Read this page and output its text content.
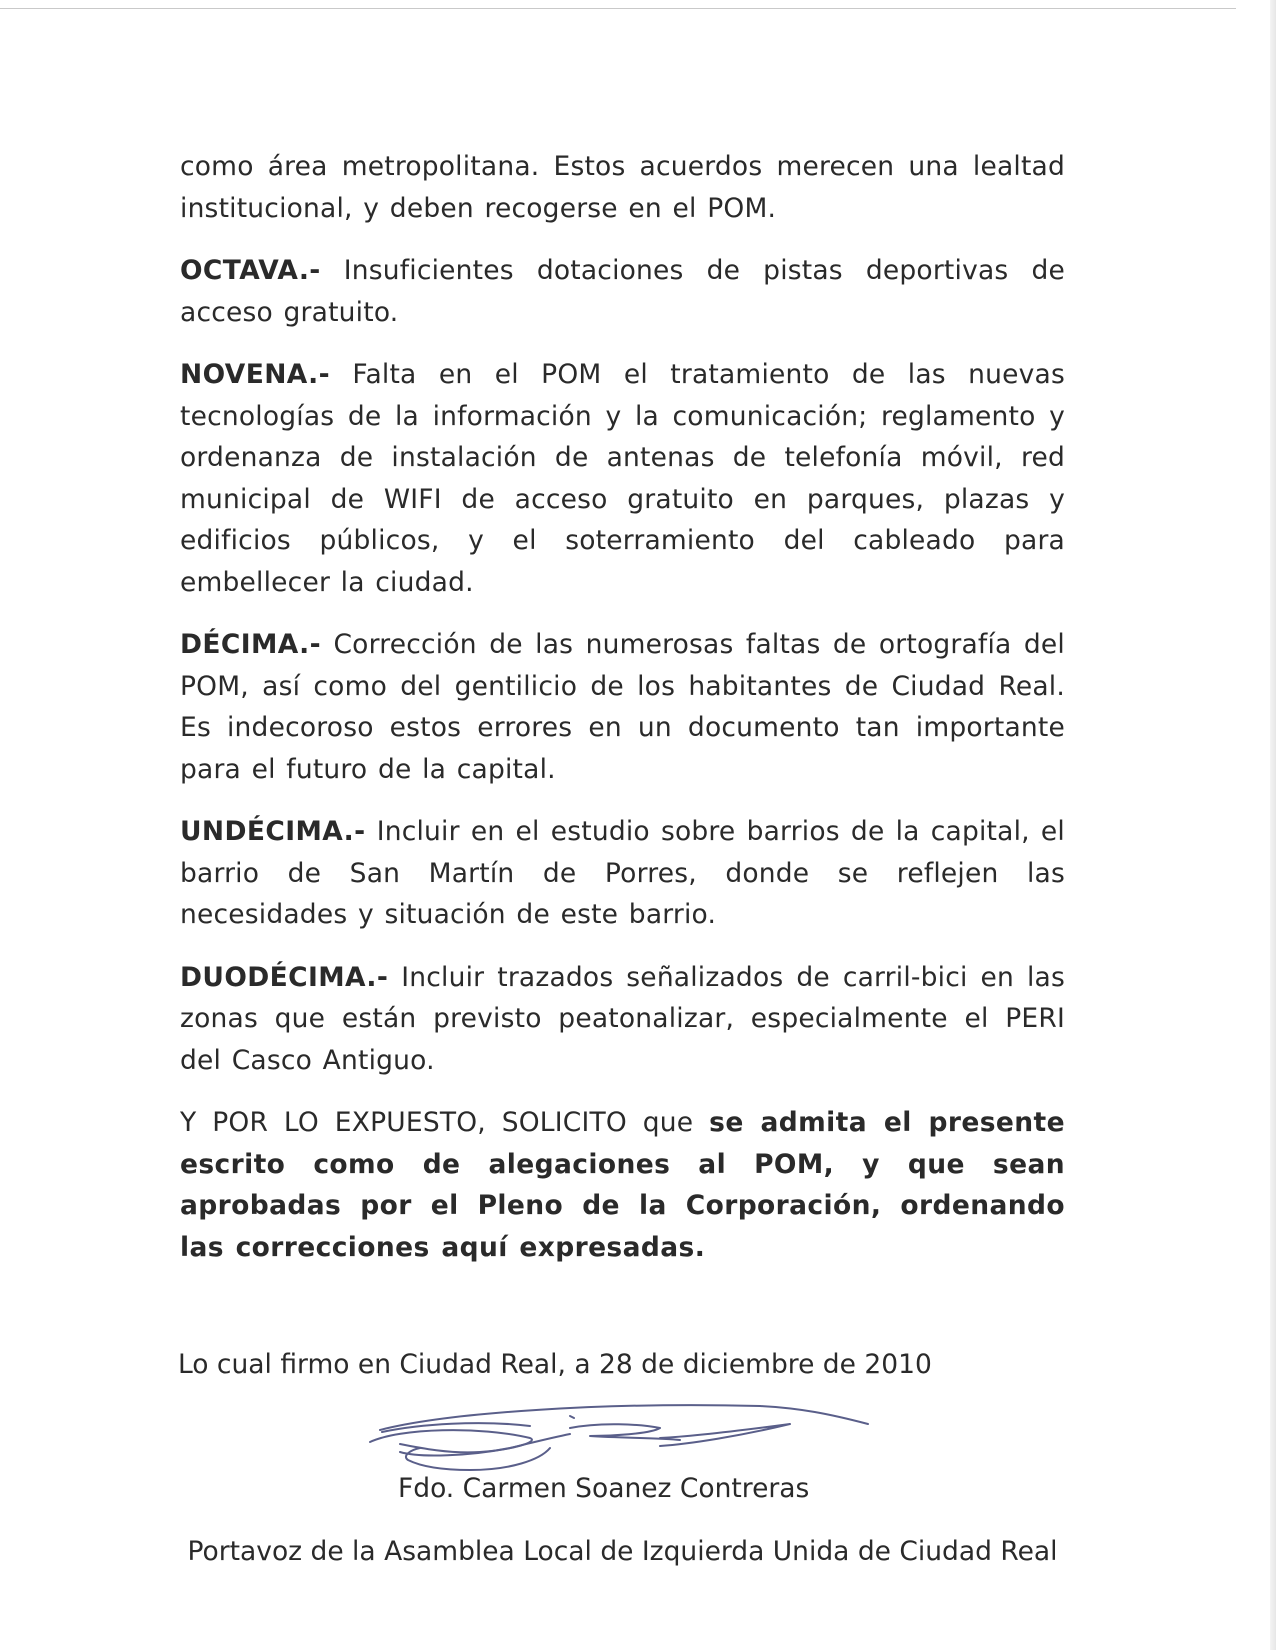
como área metropolitana. Estos acuerdos merecen una lealtad institucional, y deben recogerse en el POM.

OCTAVA.- Insuficientes dotaciones de pistas deportivas de acceso gratuito.

NOVENA.- Falta en el POM el tratamiento de las nuevas tecnologías de la información y la comunicación; reglamento y ordenanza de instalación de antenas de telefonía móvil, red municipal de WIFI de acceso gratuito en parques, plazas y edificios públicos, y el soterramiento del cableado para embellecer la ciudad.

DÉCIMA.- Corrección de las numerosas faltas de ortografía del POM, así como del gentilicio de los habitantes de Ciudad Real. Es indecoroso estos errores en un documento tan importante para el futuro de la capital.

UNDÉCIMA.- Incluir en el estudio sobre barrios de la capital, el barrio de San Martín de Porres, donde se reflejen las necesidades y situación de este barrio.

DUODÉCIMA.- Incluir trazados señalizados de carril-bici en las zonas que están previsto peatonalizar, especialmente el PERI del Casco Antiguo.

Y POR LO EXPUESTO, SOLICITO que se admita el presente escrito como de alegaciones al POM, y que sean aprobadas por el Pleno de la Corporación, ordenando las correcciones aquí expresadas.

Lo cual firmo en Ciudad Real, a 28 de diciembre de 2010
Fdo. Carmen Soanez Contreras
Portavoz de la Asamblea Local de Izquierda Unida de Ciudad Real
